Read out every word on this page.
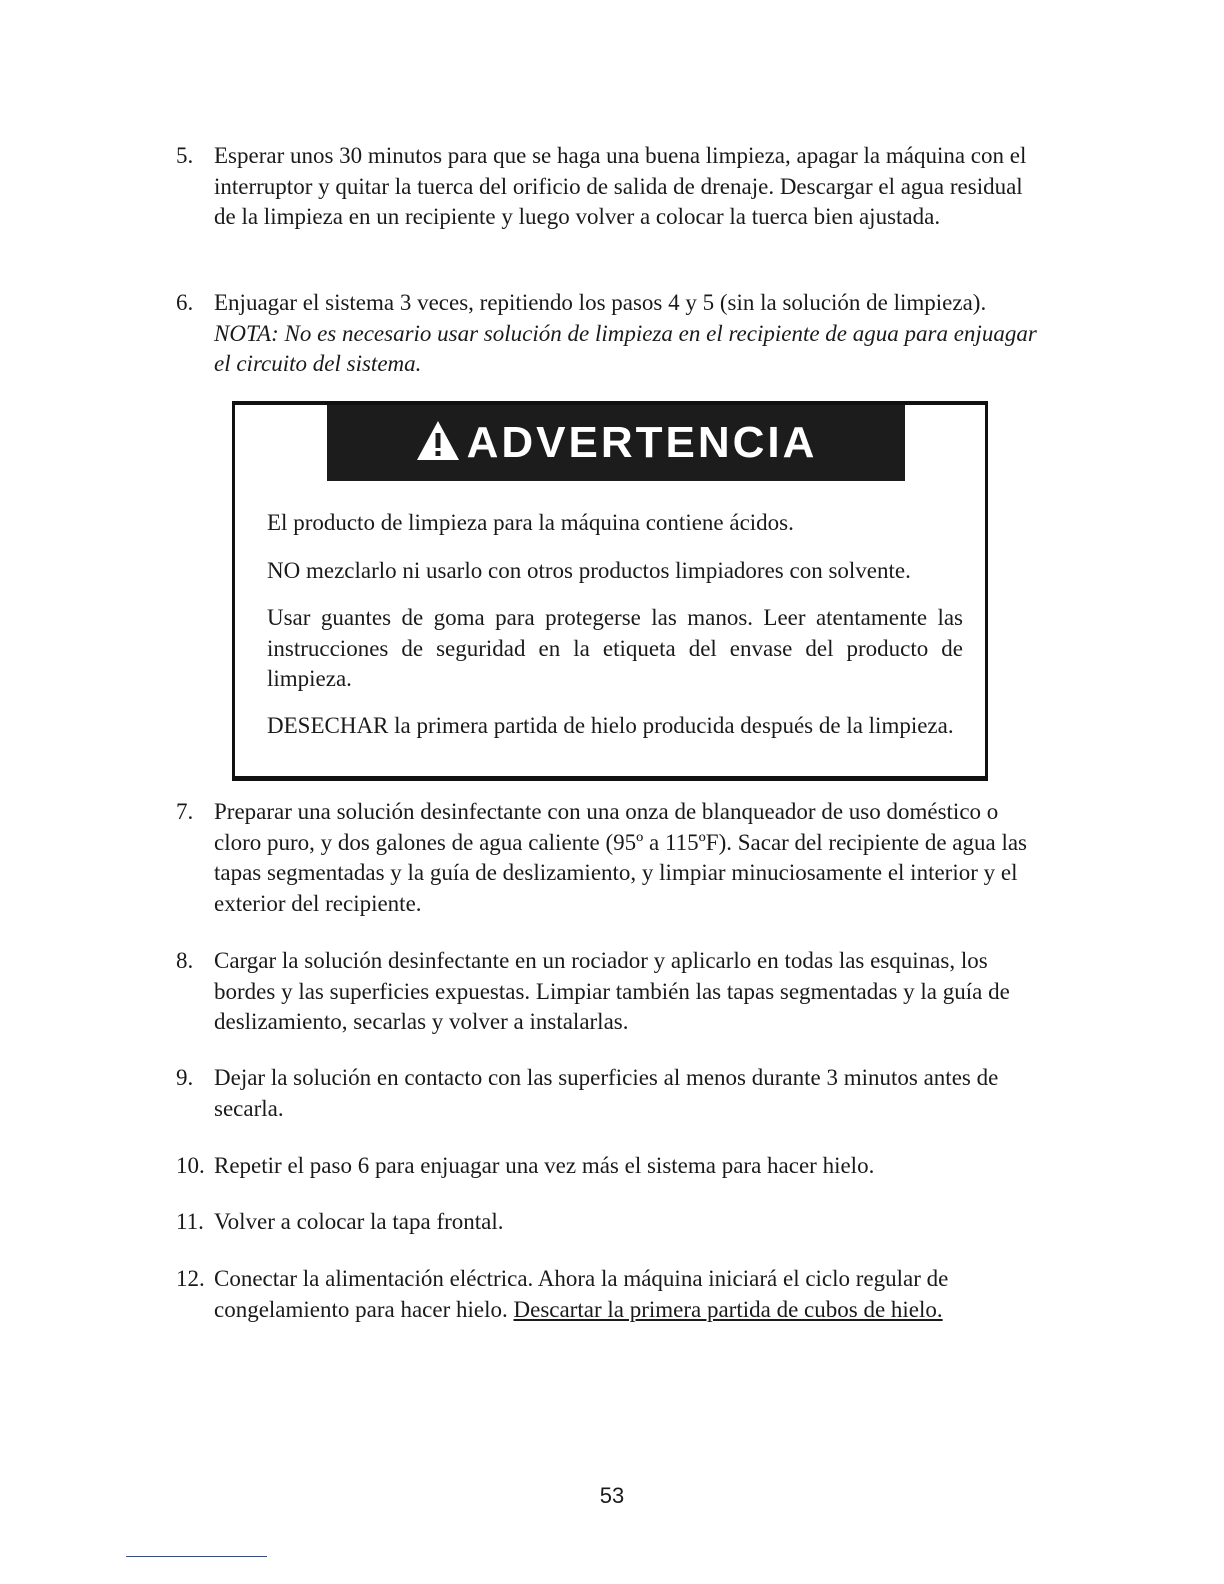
5. Esperar unos 30 minutos para que se haga una buena limpieza, apagar la máquina con el interruptor y quitar la tuerca del orificio de salida de drenaje. Descargar el agua residual de la limpieza en un recipiente y luego volver a colocar la tuerca bien ajustada.
6. Enjuagar el sistema 3 veces, repitiendo los pasos 4 y 5 (sin la solución de limpieza).
NOTA: No es necesario usar solución de limpieza en el recipiente de agua para enjuagar el circuito del sistema.
ADVERTENCIA

El producto de limpieza para la máquina contiene ácidos.

NO mezclarlo ni usarlo con otros productos limpiadores con solvente.

Usar guantes de goma para protegerse las manos. Leer atentamente las instrucciones de seguridad en la etiqueta del envase del producto de limpieza.

DESECHAR la primera partida de hielo producida después de la limpieza.

7. Preparar una solución desinfectante con una onza de blanqueador de uso doméstico o cloro puro, y dos galones de agua caliente (95º a 115ºF). Sacar del recipiente de agua las tapas segmentadas y la guía de deslizamiento, y limpiar minuciosamente el interior y el exterior del recipiente.
8. Cargar la solución desinfectante en un rociador y aplicarlo en todas las esquinas, los bordes y las superficies expuestas. Limpiar también las tapas segmentadas y la guía de deslizamiento, secarlas y volver a instalarlas.
9. Dejar la solución en contacto con las superficies al menos durante 3 minutos antes de secarla.
10. Repetir el paso 6 para enjuagar una vez más el sistema para hacer hielo.
11. Volver a colocar la tapa frontal.
12. Conectar la alimentación eléctrica. Ahora la máquina iniciará el ciclo regular de congelamiento para hacer hielo. Descartar la primera partida de cubos de hielo.
53
